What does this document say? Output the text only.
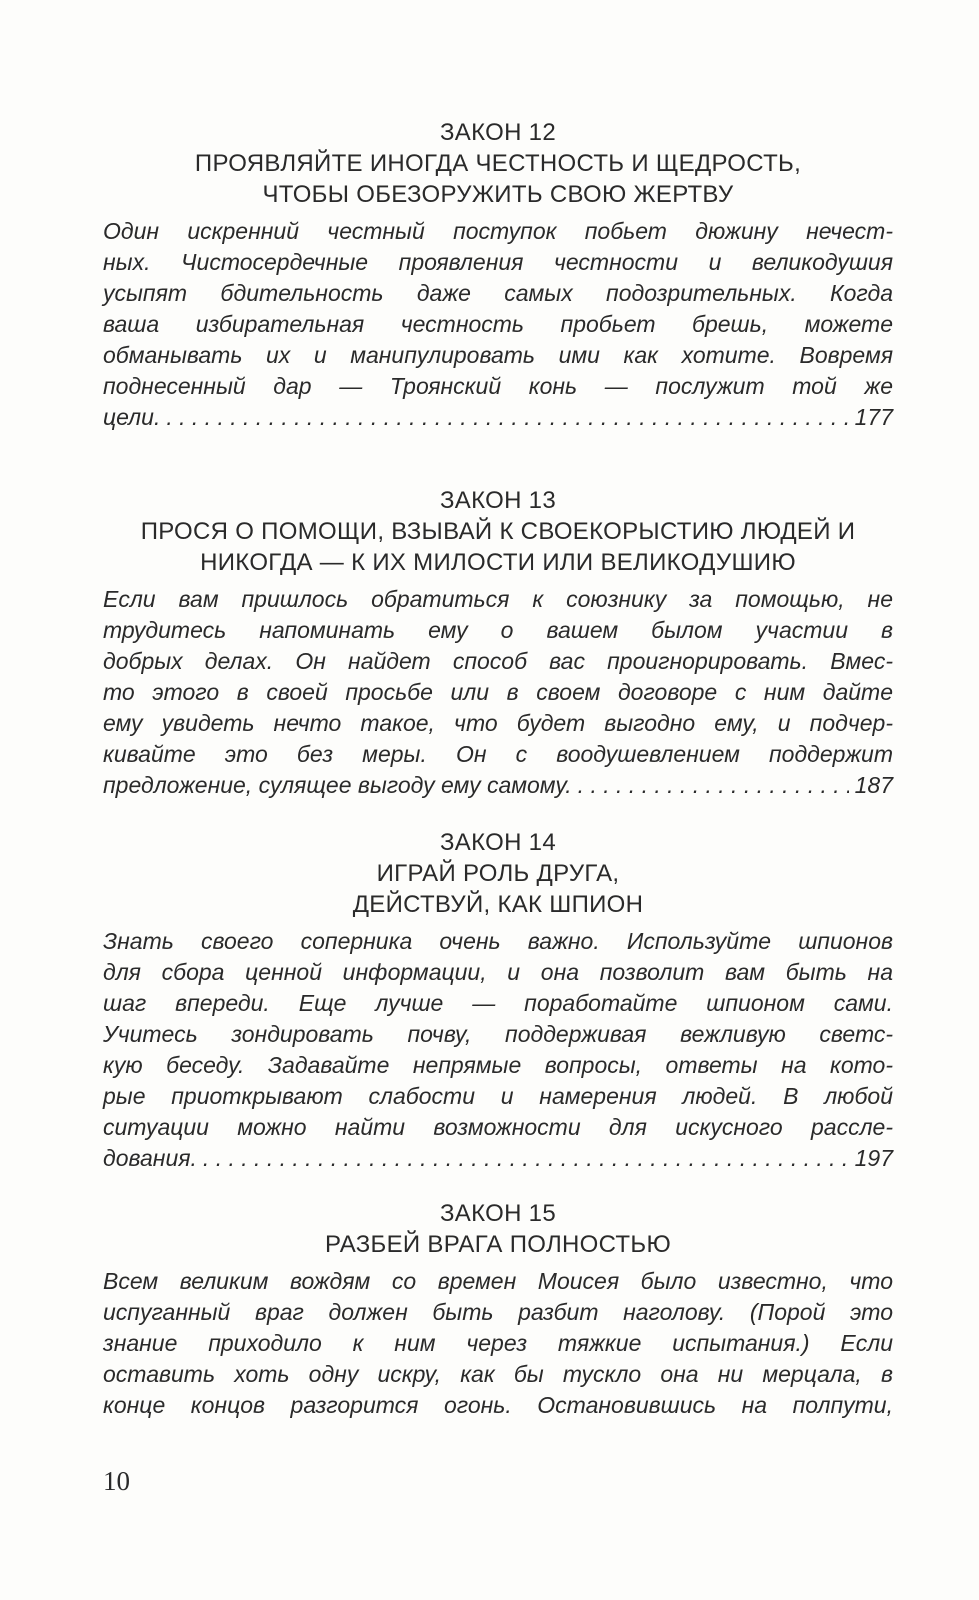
ЗАКОН 12
ПРОЯВЛЯЙТЕ ИНОГДА ЧЕСТНОСТЬ И ЩЕДРОСТЬ,
ЧТОБЫ ОБЕЗОРУЖИТЬ СВОЮ ЖЕРТВУ
Один искренний честный поступок побьет дюжину нечест-
ных. Чистосердечные проявления честности и великодушия
усыпят бдительность даже самых подозрительных. Когда
ваша избирательная честность пробьет брешь, можете
обманывать их и манипулировать ими как хотите. Вовремя
поднесенный дар — Троянский конь — послужит той же
цели. . . .	177
ЗАКОН 13
ПРОСЯ О ПОМОЩИ, ВЗЫВАЙ К СВОЕКОРЫСТИЮ ЛЮДЕЙ И
НИКОГДА — К ИХ МИЛОСТИ ИЛИ ВЕЛИКОДУШИЮ
Если вам пришлось обратиться к союзнику за помощью, не
трудитесь напоминать ему о вашем былом участии в
добрых делах. Он найдет способ вас проигнорировать. Вмес-
то этого в своей просьбе или в своем договоре с ним дайте
ему увидеть нечто такое, что будет выгодно ему, и подчер-
кивайте это без меры. Он с воодушевлением поддержит
предложение, сулящее выгоду ему самому. . . .	187
ЗАКОН 14
ИГРАЙ РОЛЬ ДРУГА,
ДЕЙСТВУЙ, КАК ШПИОН
Знать своего соперника очень важно. Используйте шпионов
для сбора ценной информации, и она позволит вам быть на
шаг впереди. Еще лучше — поработайте шпионом сами.
Учитесь зондировать почву, поддерживая вежливую светс-
кую беседу. Задавайте непрямые вопросы, ответы на кото-
рые приоткрывают слабости и намерения людей. В любой
ситуации можно найти возможности для искусного рассле-
дования. . . .	197
ЗАКОН 15
РАЗБЕЙ ВРАГА ПОЛНОСТЬЮ
Всем великим вождям со времен Моисея было известно, что
испуганный враг должен быть разбит наголову. (Порой это
знание приходило к ним через тяжкие испытания.) Если
оставить хоть одну искру, как бы тускло она ни мерцала, в
конце концов разгорится огонь. Остановившись на полпути,
10
